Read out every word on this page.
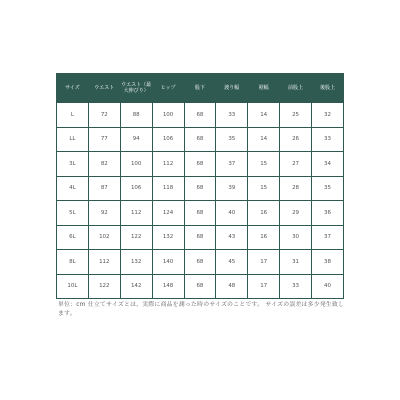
サイズ	ウエスト	ウエスト（最大伸びり）	ヒップ	股下	渡り幅	裾幅	前股上	後股上
L	72	88	100	68	33	14	25	32
LL	77	94	106	68	35	14	26	33
3L	82	100	112	68	37	15	27	34
4L	87	106	118	68	39	15	28	35
5L	92	112	124	68	40	16	29	36
6L	102	122	132	68	43	16	30	37
8L	112	132	140	68	45	17	31	38
10L	122	142	148	68	48	17	33	40

単位：cm 仕立てサイズとは、実際に商品を測った時のサイズのことです。 サイズの誤差は多少発生致します。
